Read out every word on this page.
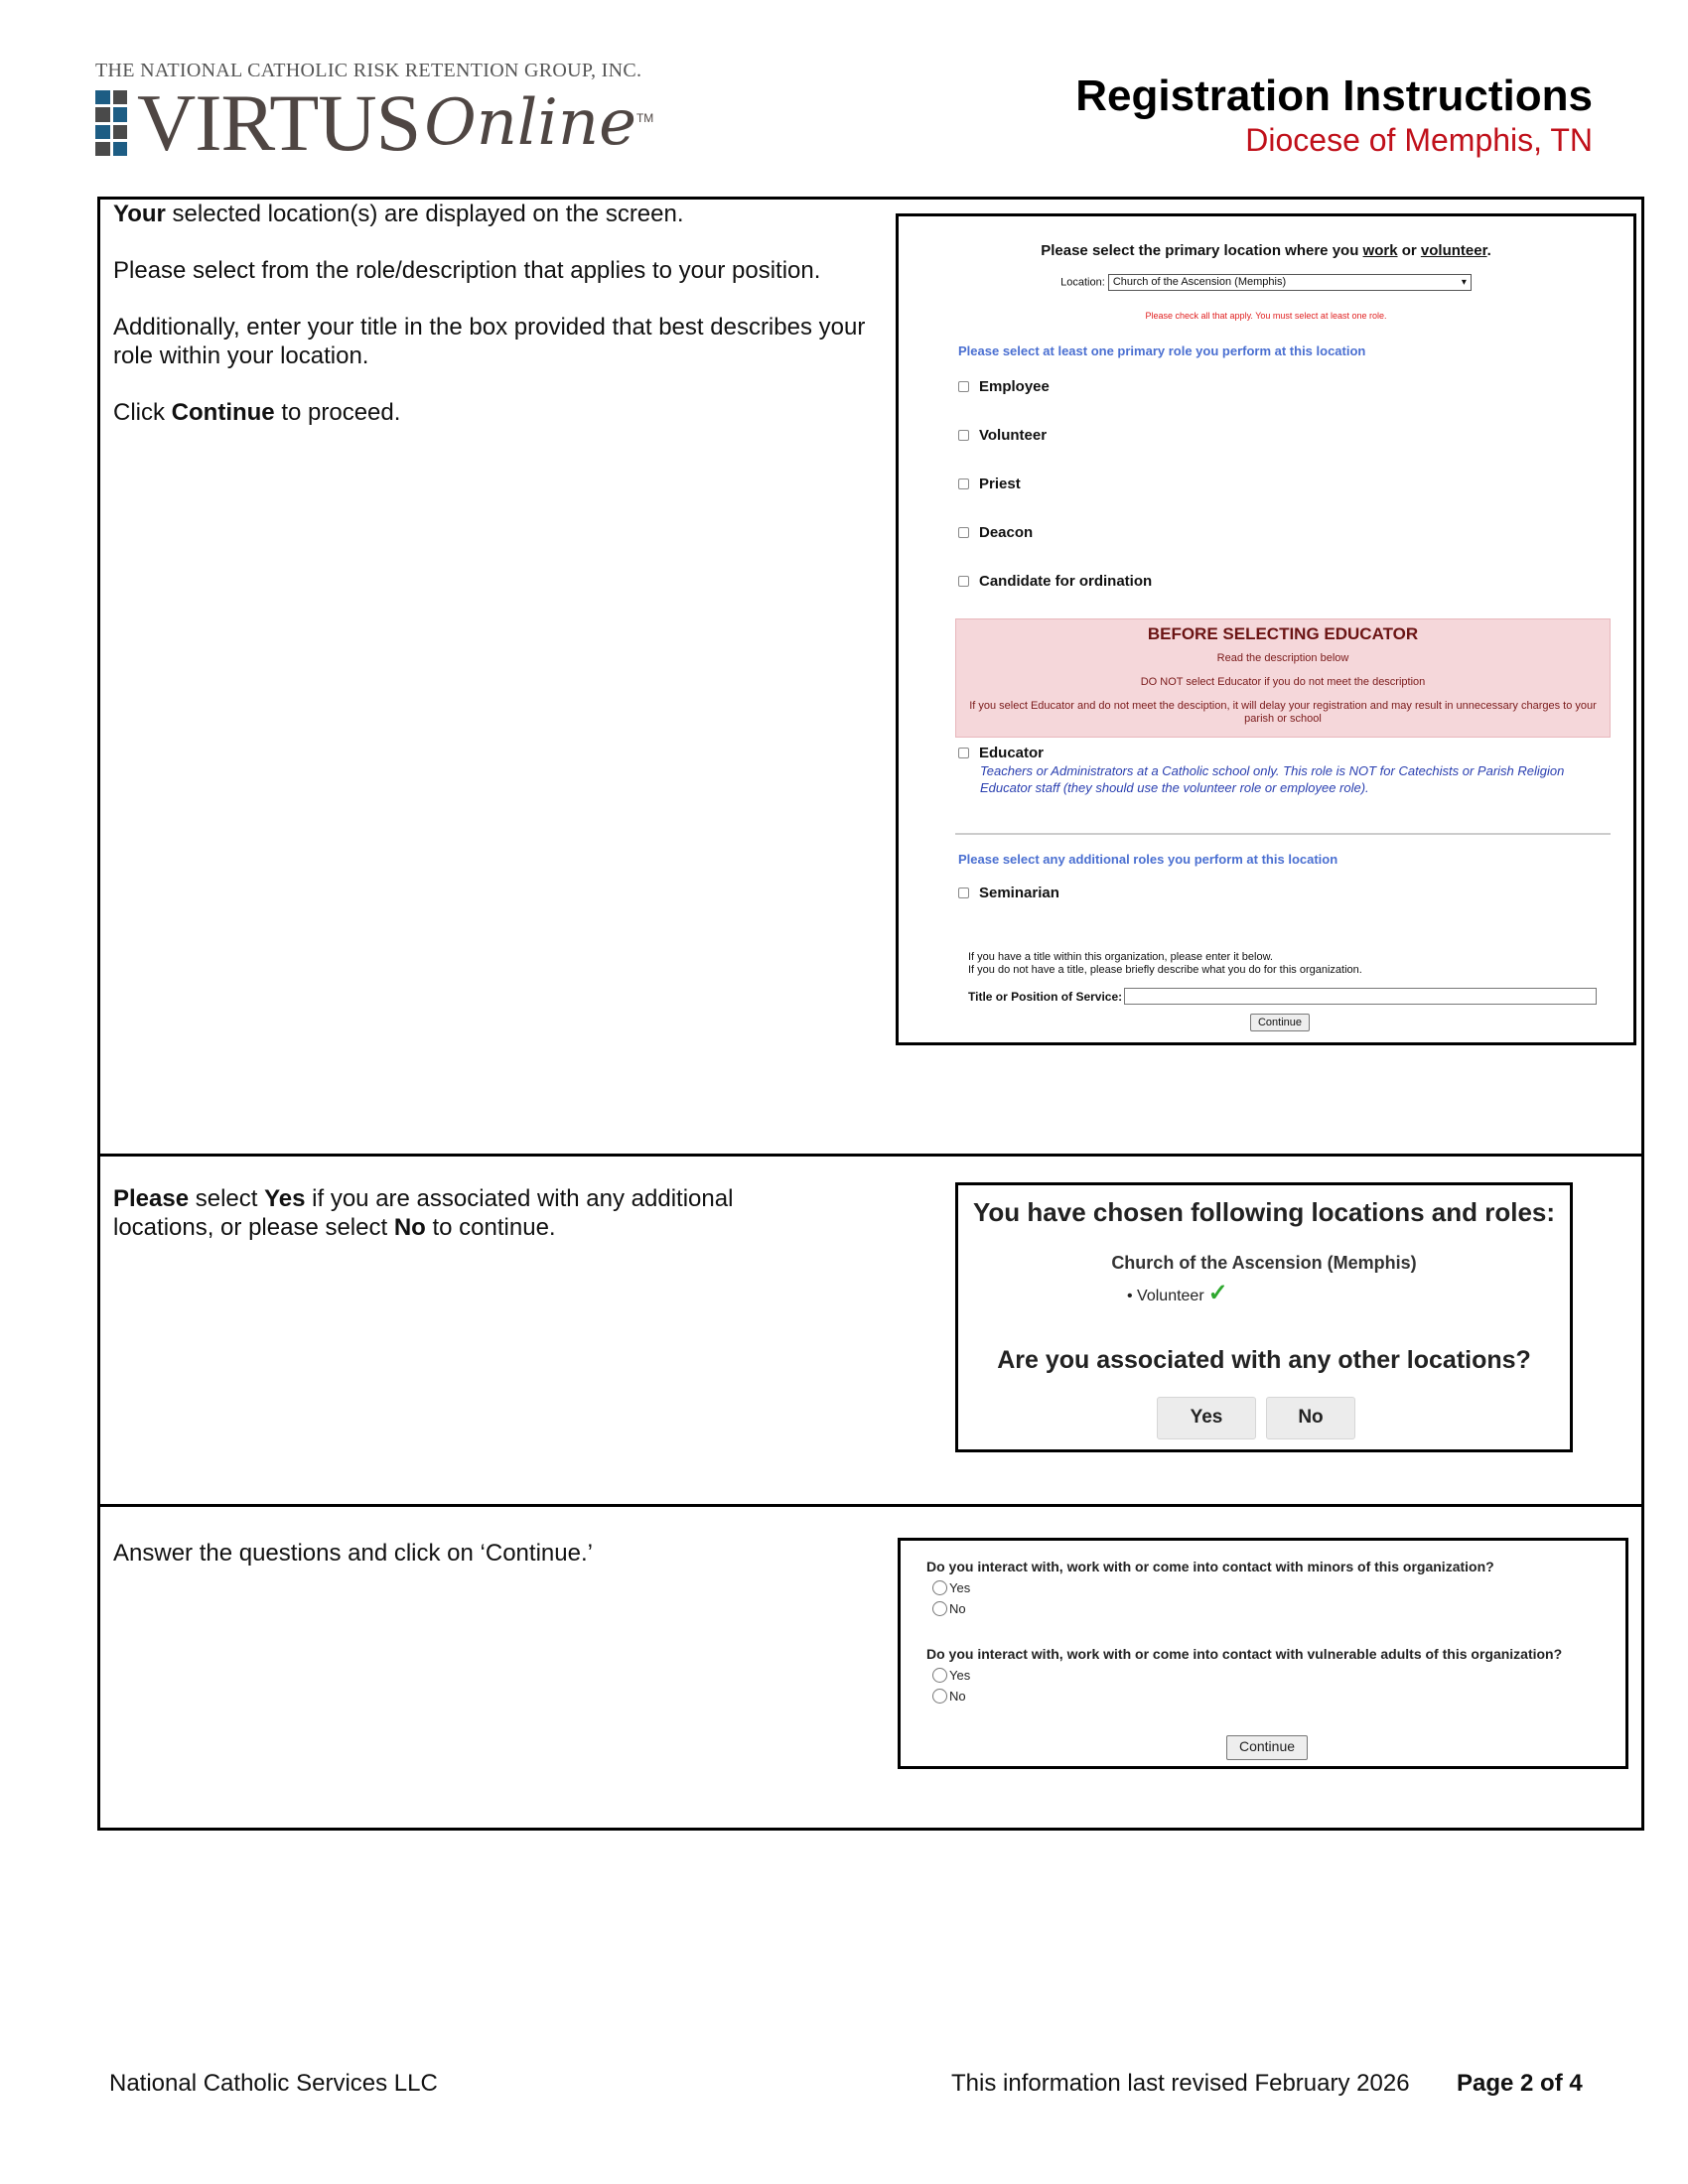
THE NATIONAL CATHOLIC RISK RETENTION GROUP, INC.
VIRTUS Online TM	Registration Instructions
Diocese of Memphis, TN

Your selected location(s) are displayed on the screen.

Please select from the role/description that applies to your position.

Additionally, enter your title in the box provided that best describes your role within your location.

Click Continue to proceed.

Please select the primary location where you work or volunteer.
Location: Church of the Ascension (Memphis)	▾
Please check all that apply. You must select at least one role.
Please select at least one primary role you perform at this location
Employee
Volunteer
Priest
Deacon
Candidate for ordination
BEFORE SELECTING EDUCATOR
Read the description below
DO NOT select Educator if you do not meet the description
If you select Educator and do not meet the desciption, it will delay your registration and may result in unnecessary charges to your parish or school
Educator
Teachers or Administrators at a Catholic school only. This role is NOT for Catechists or Parish Religion Educator staff (they should use the volunteer role or employee role).
Please select any additional roles you perform at this location
Seminarian
If you have a title within this organization, please enter it below.
If you do not have a title, please briefly describe what you do for this organization.
Title or Position of Service:
Continue
Please select Yes if you are associated with any additional locations, or please select No to continue.
You have chosen following locations and roles:
Church of the Ascension (Memphis)
• Volunteer ✓
Are you associated with any other locations?
Yes	No
Answer the questions and click on ‘Continue.’	Do you interact with, work with or come into contact with minors of this organization?
Yes
No
Do you interact with, work with or come into contact with vulnerable adults of this organization?
Yes
No
Continue
National Catholic Services LLC	This information last revised February 2026 Page 2 of 4
